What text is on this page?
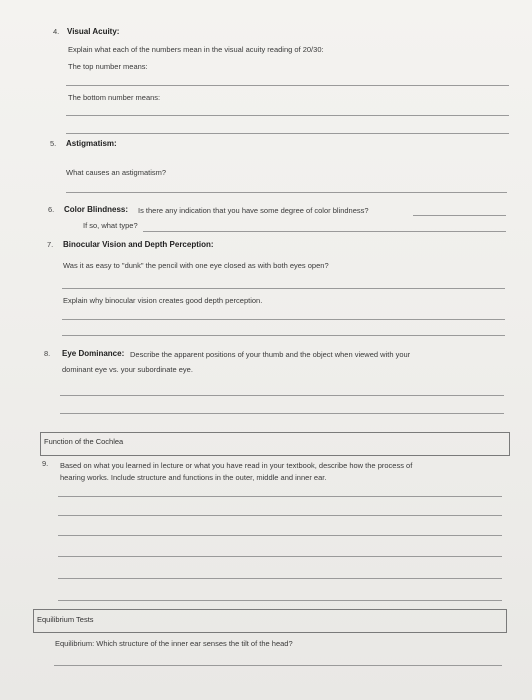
4. Visual Acuity:
Explain what each of the numbers mean in the visual acuity reading of 20/30:
The top number means:
The bottom number means:
5. Astigmatism:
What causes an astigmatism?
6. Color Blindness: Is there any indication that you have some degree of color blindness?
If so, what type?
7. Binocular Vision and Depth Perception:
Was it as easy to "dunk" the pencil with one eye closed as with both eyes open?
Explain why binocular vision creates good depth perception.
8. Eye Dominance: Describe the apparent positions of your thumb and the object when viewed with your
dominant eye vs. your subordinate eye.
Function of the Cochlea
9. Based on what you learned in lecture or what you have read in your textbook, describe how the process of
hearing works. Include structure and functions in the outer, middle and inner ear.
Equilibrium Tests
Equilibrium: Which structure of the inner ear senses the tilt of the head?
